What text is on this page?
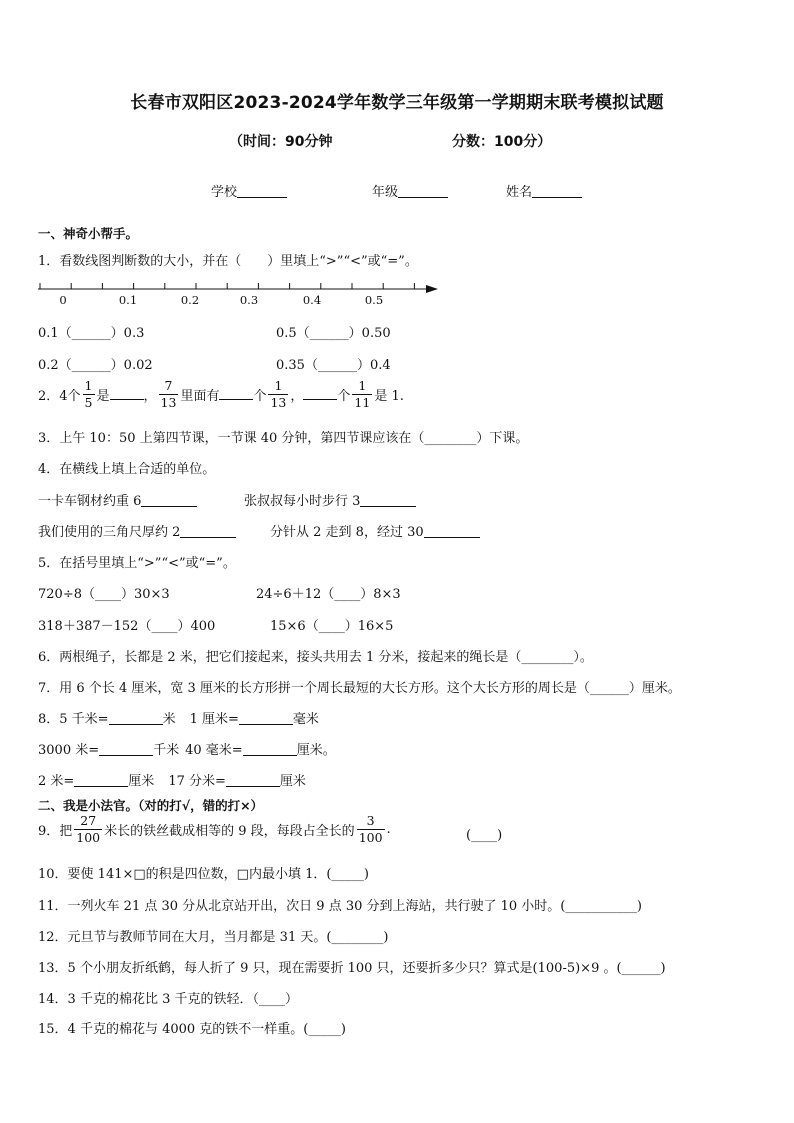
长春市双阳区2023-2024学年数学三年级第一学期期末联考模拟试题
（时间：90分钟	分数：100分）
学校	年级	姓名
一、神奇小帮手。
1．看数线图判断数的大小，并在（　　）里填上“>”“<”或“=”。
0	0.1	0.2	0.3	0.4	0.5
0.1（______）0.3	0.5（______）0.50
0.2（______）0.02	0.35（______）0.4
2．4个 $\frac{1}{5}$ 是	， $\frac{7}{13}$ 里面有	个 $\frac{1}{13}$ ，	个 $\frac{1}{11}$ 是 1.
3．上午 10：50 上第四节课，一节课 40 分钟，第四节课应该在（________）下课。
4．在横线上填上合适的单位。
一卡车钢材约重 6	张叔叔每小时步行 3
我们使用的三角尺厚约 2	分针从 2 走到 8，经过 30
5．在括号里填上“>”“<”或“=”。
720÷8（____）30×3	24÷6＋12（____）8×3
318＋387－152（____）400	15×6（____）16×5
6．两根绳子，长都是 2 米，把它们接起来，接头共用去 1 分米，接起来的绳长是（________）。
7．用 6 个长 4 厘米，宽 3 厘米的长方形拼一个周长最短的大长方形。这个大长方形的周长是（______）厘米。
8．5 千米=	米 1 厘米=	毫米
3000 米=	千米 40 毫米=	厘米。
2 米=	厘米 17 分米=	厘米
二、我是小法官。（对的打√，错的打×）
9．把 $\frac{27}{100}$ 米长的铁丝截成相等的 9 段，每段占全长的 $\frac{3}{100}$ .	(____)
10．要使 141×□的积是四位数，□内最小填 1．(_____)
11．一列火车 21 点 30 分从北京站开出，次日 9 点 30 分到上海站，共行驶了 10 小时。(___________)
12．元旦节与教师节同在大月，当月都是 31 天。(________)
13．5 个小朋友折纸鹤，每人折了 9 只，现在需要折 100 只，还要折多少只？算式是(100-5)×9 。(______)
14．3 千克的棉花比 3 千克的铁轻．（____）
15．4 千克的棉花与 4000 克的铁不一样重。(_____)
